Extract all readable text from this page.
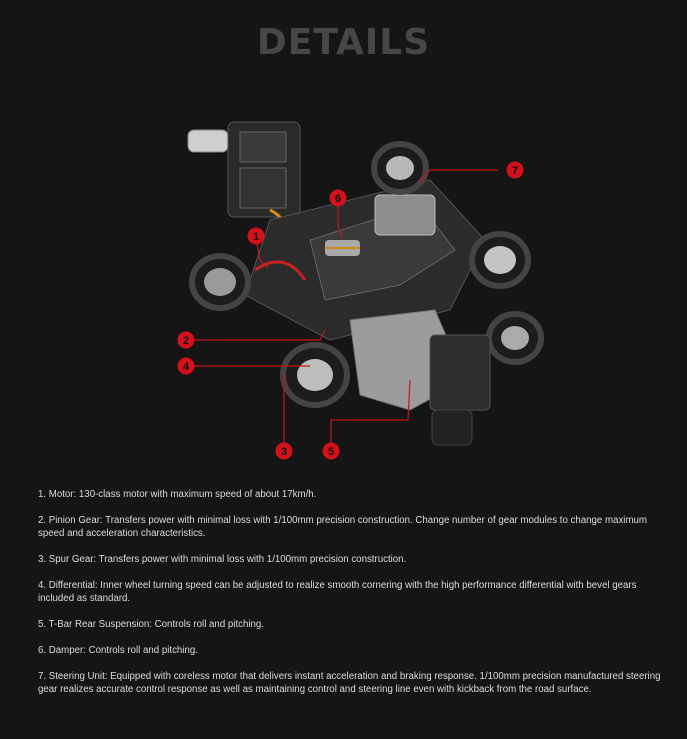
DETAILS
1
2
3
4
5
6
7
1. Motor: 130-class motor with maximum speed of about 17km/h.
2. Pinion Gear: Transfers power with minimal loss with 1/100mm precision construction. Change number of gear modules to change maximum speed and acceleration characteristics.
3. Spur Gear: Transfers power with minimal loss with 1/100mm precision construction.
4. Differential: Inner wheel turning speed can be adjusted to realize smooth cornering with the high performance differential with bevel gears included as standard.
5. T-Bar Rear Suspension: Controls roll and pitching.
6. Damper: Controls roll and pitching.
7. Steering Unit: Equipped with coreless motor that delivers instant acceleration and braking response. 1/100mm precision manufactured steering gear realizes accurate control response as well as maintaining control and steering line even with kickback from the road surface.
